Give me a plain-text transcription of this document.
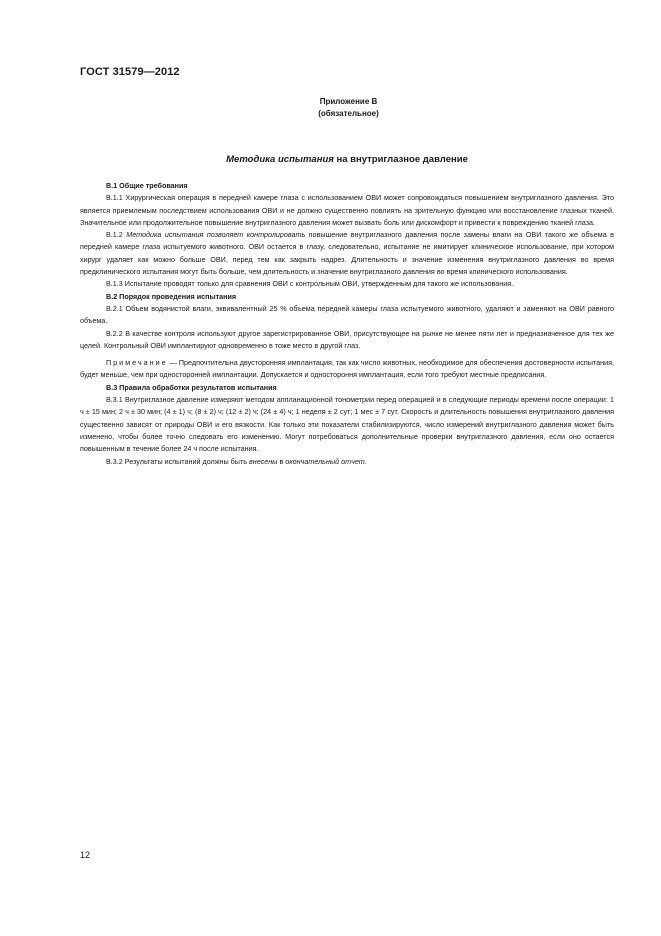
ГОСТ 31579—2012
Приложение В
(обязательное)
Методика испытания на внутриглазное давление
В.1 Общие требования

В.1.1 Хирургическая операция в передней камере глаза с использованием ОВИ может сопровождаться повышением внутриглазного давления. Это является приемлемым последствием использования ОВИ и не должно существенно повлиять на зрительную функцию или восстановление глазных тканей. Значительное или продолжительное повышение внутриглазного давления может вызвать боль или дискомфорт и привести к повреждению тканей глаза.

В.1.2 Методика испытания позволяет контролировать повышение внутриглазного давления после замены влаги на ОВИ такого же объема в передней камере глаза испытуемого животного. ОВИ остается в глазу, следовательно, испытание не имитирует клиническое использование, при котором хирург удаляет как можно больше ОВИ, перед тем как закрыть надрез. Длительность и значение изменения внутриглазного давления во время предклинического испытания могут быть больше, чем длительность и значение внутриглазного давления во время клинического использования.

В.1.3 Испытание проводят только для сравнения ОВИ с контрольным ОВИ, утвержденным для такого же использования.

В.2 Порядок проведения испытания

В.2.1 Объем водянистой влаги, эквивалентный 25 % объема передней камеры глаза испытуемого животного, удаляют и заменяют на ОВИ равного объема.

В.2.2 В качестве контроля используют другое зарегистрированное ОВИ, присутствующее на рынке не менее пяти лет и предназначенное для тех же целей. Контрольный ОВИ имплантируют одновременно в тоже место в другой глаз.

Примечание — Предпочтительна двусторонняя имплантация, так как число животных, необходимое для обеспечения достоверности испытания, будет меньше, чем при односторонней имплантации. Допускается и одностороння имплантация, если того требуют местные предписания.

В.3 Правила обработки результатов испытания

В.3.1 Внутриглазное давление измеряют методом аппланационной тонометрии перед операцией и в следующие периоды времени после операции: 1 ч ± 15 мин; 2 ч ± 30 мин; (4 ± 1) ч; (8 ± 2) ч; (12 ± 2) ч; (24 ± 4) ч; 1 неделя ± 2 сут; 1 мес ± 7 сут. Скорость и длительность повышения внутриглазного давления существенно зависят от природы ОВИ и его вязкости. Как только эти показатели стабилизируются, число измерений внутриглазного давления может быть изменено, чтобы более точно следовать его изменению. Могут потребоваться дополнительные проверки внутриглазного давления, если оно остается повышенным в течение более 24 ч после испытания.

В.3.2 Результаты испытаний должны быть внесены в окончательный отчет.

12
